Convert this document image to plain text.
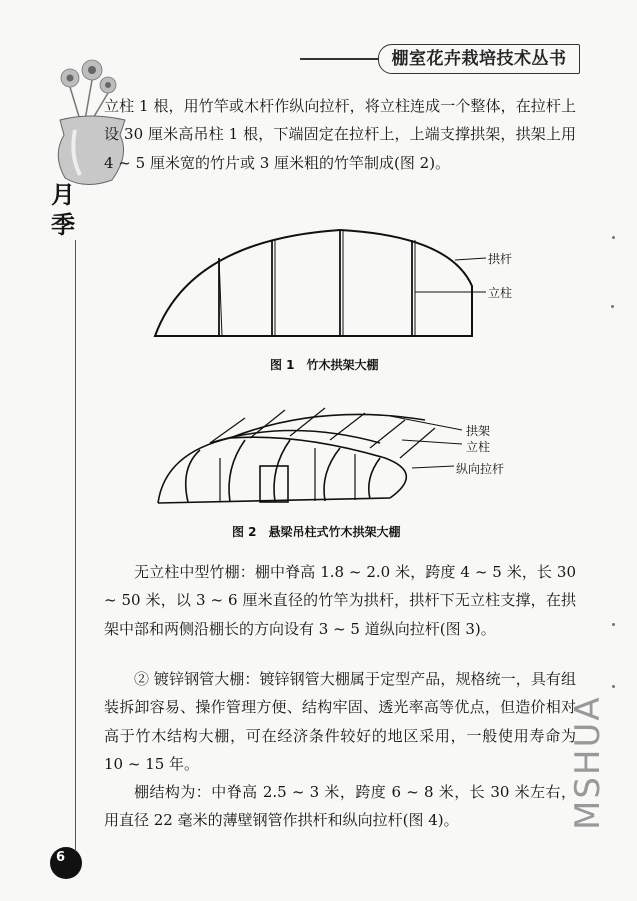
棚室花卉栽培技术丛书
月
季

立柱 1 根，用竹竿或木杆作纵向拉杆，将立柱连成一个整体，在拉杆上设 30 厘米高吊柱 1 根，下端固定在拉杆上，上端支撑拱架，拱架上用 4 ~ 5 厘米宽的竹片或 3 厘米粗的竹竿制成(图 2)。

拱杆
立柱
图 1　竹木拱架大棚
拱架
立柱
纵向拉杆
图 2　悬梁吊柱式竹木拱架大棚

无立柱中型竹棚：棚中脊高 1.8 ~ 2.0 米，跨度 4 ~ 5 米，长 30 ~ 50 米，以 3 ~ 6 厘米直径的竹竿为拱杆，拱杆下无立柱支撑，在拱架中部和两侧沿棚长的方向设有 3 ~ 5 道纵向拉杆(图 3)。

② 镀锌钢管大棚：镀锌钢管大棚属于定型产品，规格统一，具有组装拆卸容易、操作管理方便、结构牢固、透光率高等优点，但造价相对高于竹木结构大棚，可在经济条件较好的地区采用，一般使用寿命为 10 ~ 15 年。

棚结构为：中脊高 2.5 ~ 3 米，跨度 6 ~ 8 米，长 30 米左右，用直径 22 毫米的薄壁钢管作拱杆和纵向拉杆(图 4)。

6
MSHUA
